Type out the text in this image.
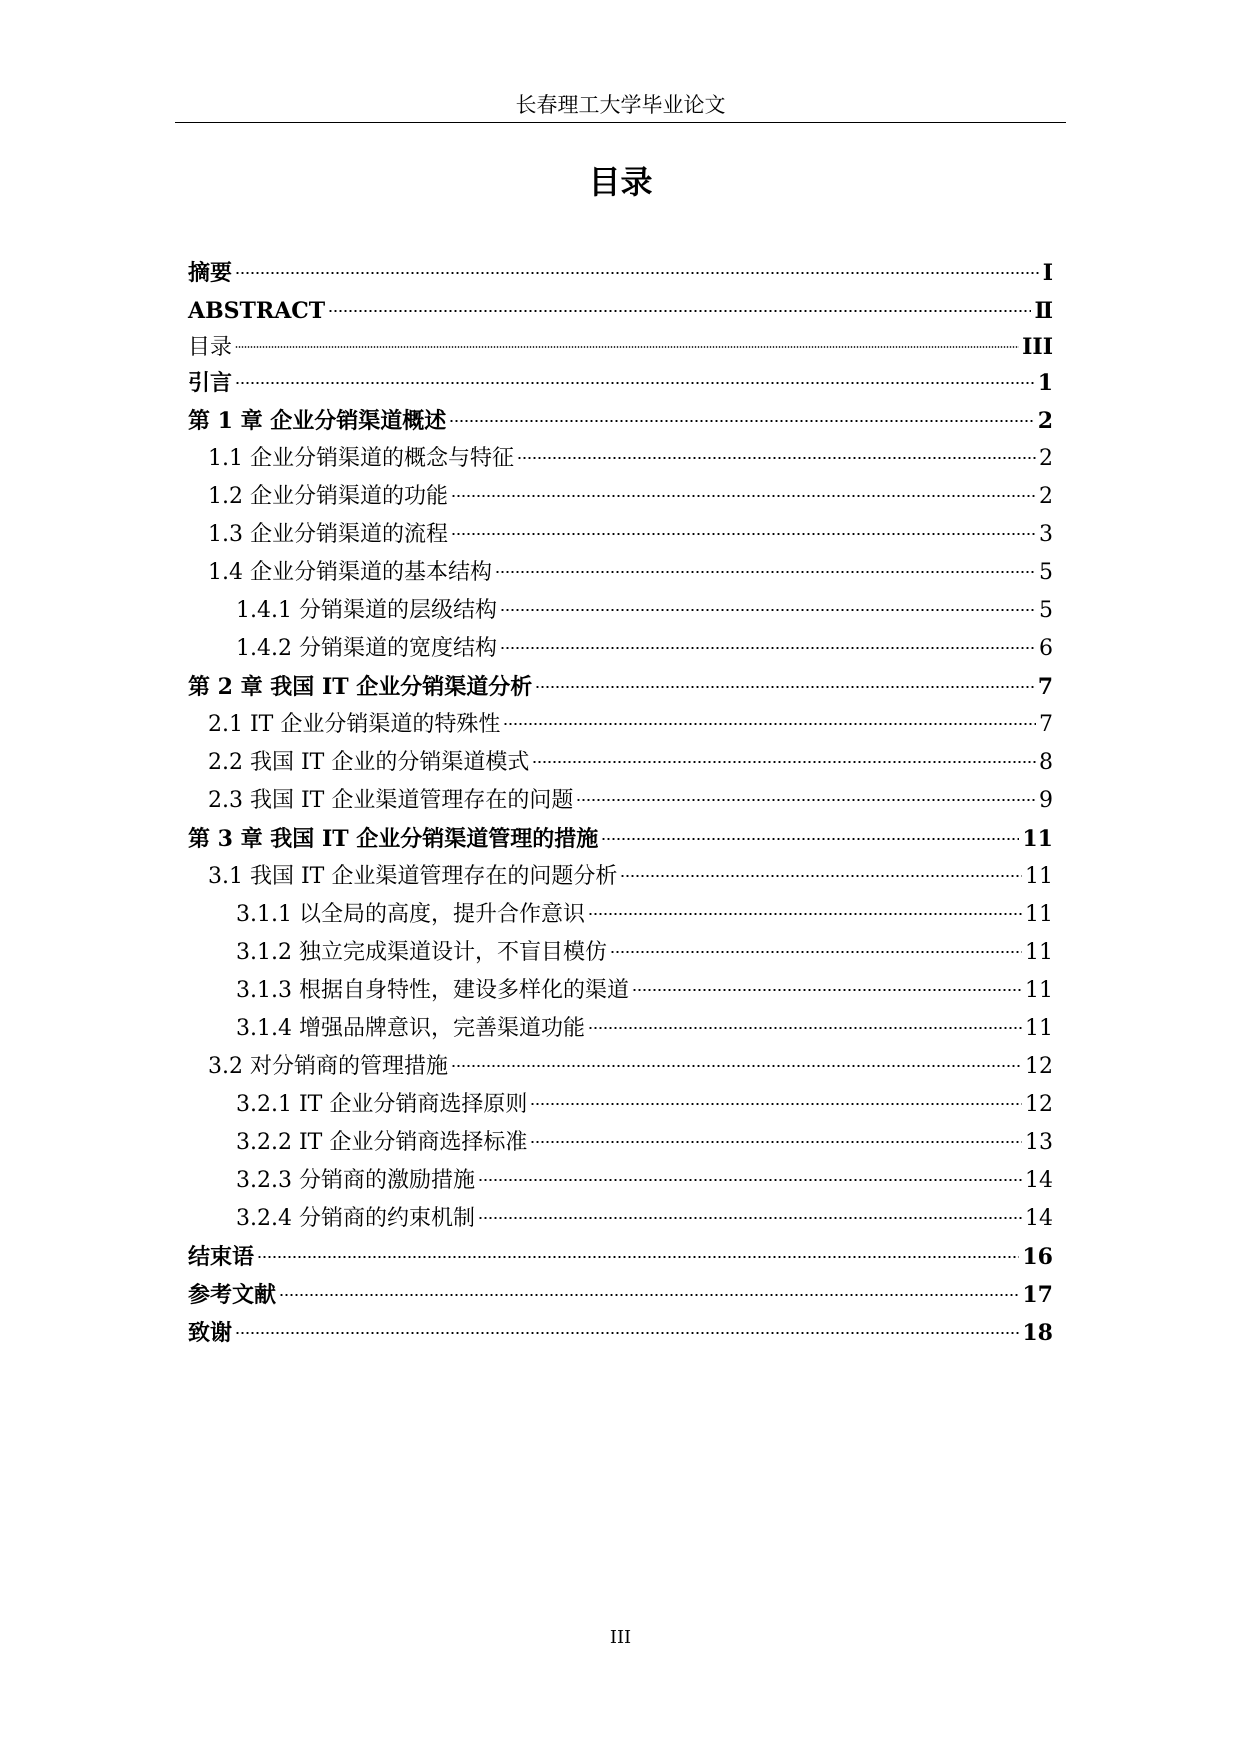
长春理工大学毕业论文
目录
摘要	Ⅰ
ABSTRACT	Ⅱ
目录	III
引言	1
第 1 章 企业分销渠道概述	2
1.1 企业分销渠道的概念与特征	2
1.2 企业分销渠道的功能	2
1.3 企业分销渠道的流程	3
1.4 企业分销渠道的基本结构	5
1.4.1 分销渠道的层级结构	5
1.4.2 分销渠道的宽度结构	6
第 2 章 我国 IT 企业分销渠道分析	7
2.1 IT 企业分销渠道的特殊性	7
2.2 我国 IT 企业的分销渠道模式	8
2.3 我国 IT 企业渠道管理存在的问题	9
第 3 章 我国 IT 企业分销渠道管理的措施	11
3.1 我国 IT 企业渠道管理存在的问题分析	11
3.1.1 以全局的高度，提升合作意识	11
3.1.2 独立完成渠道设计，不盲目模仿	11
3.1.3 根据自身特性，建设多样化的渠道	11
3.1.4 增强品牌意识，完善渠道功能	11
3.2 对分销商的管理措施	12
3.2.1 IT 企业分销商选择原则	12
3.2.2 IT 企业分销商选择标准	13
3.2.3 分销商的激励措施	14
3.2.4 分销商的约束机制	14
结束语	16
参考文献	17
致谢	18
III
